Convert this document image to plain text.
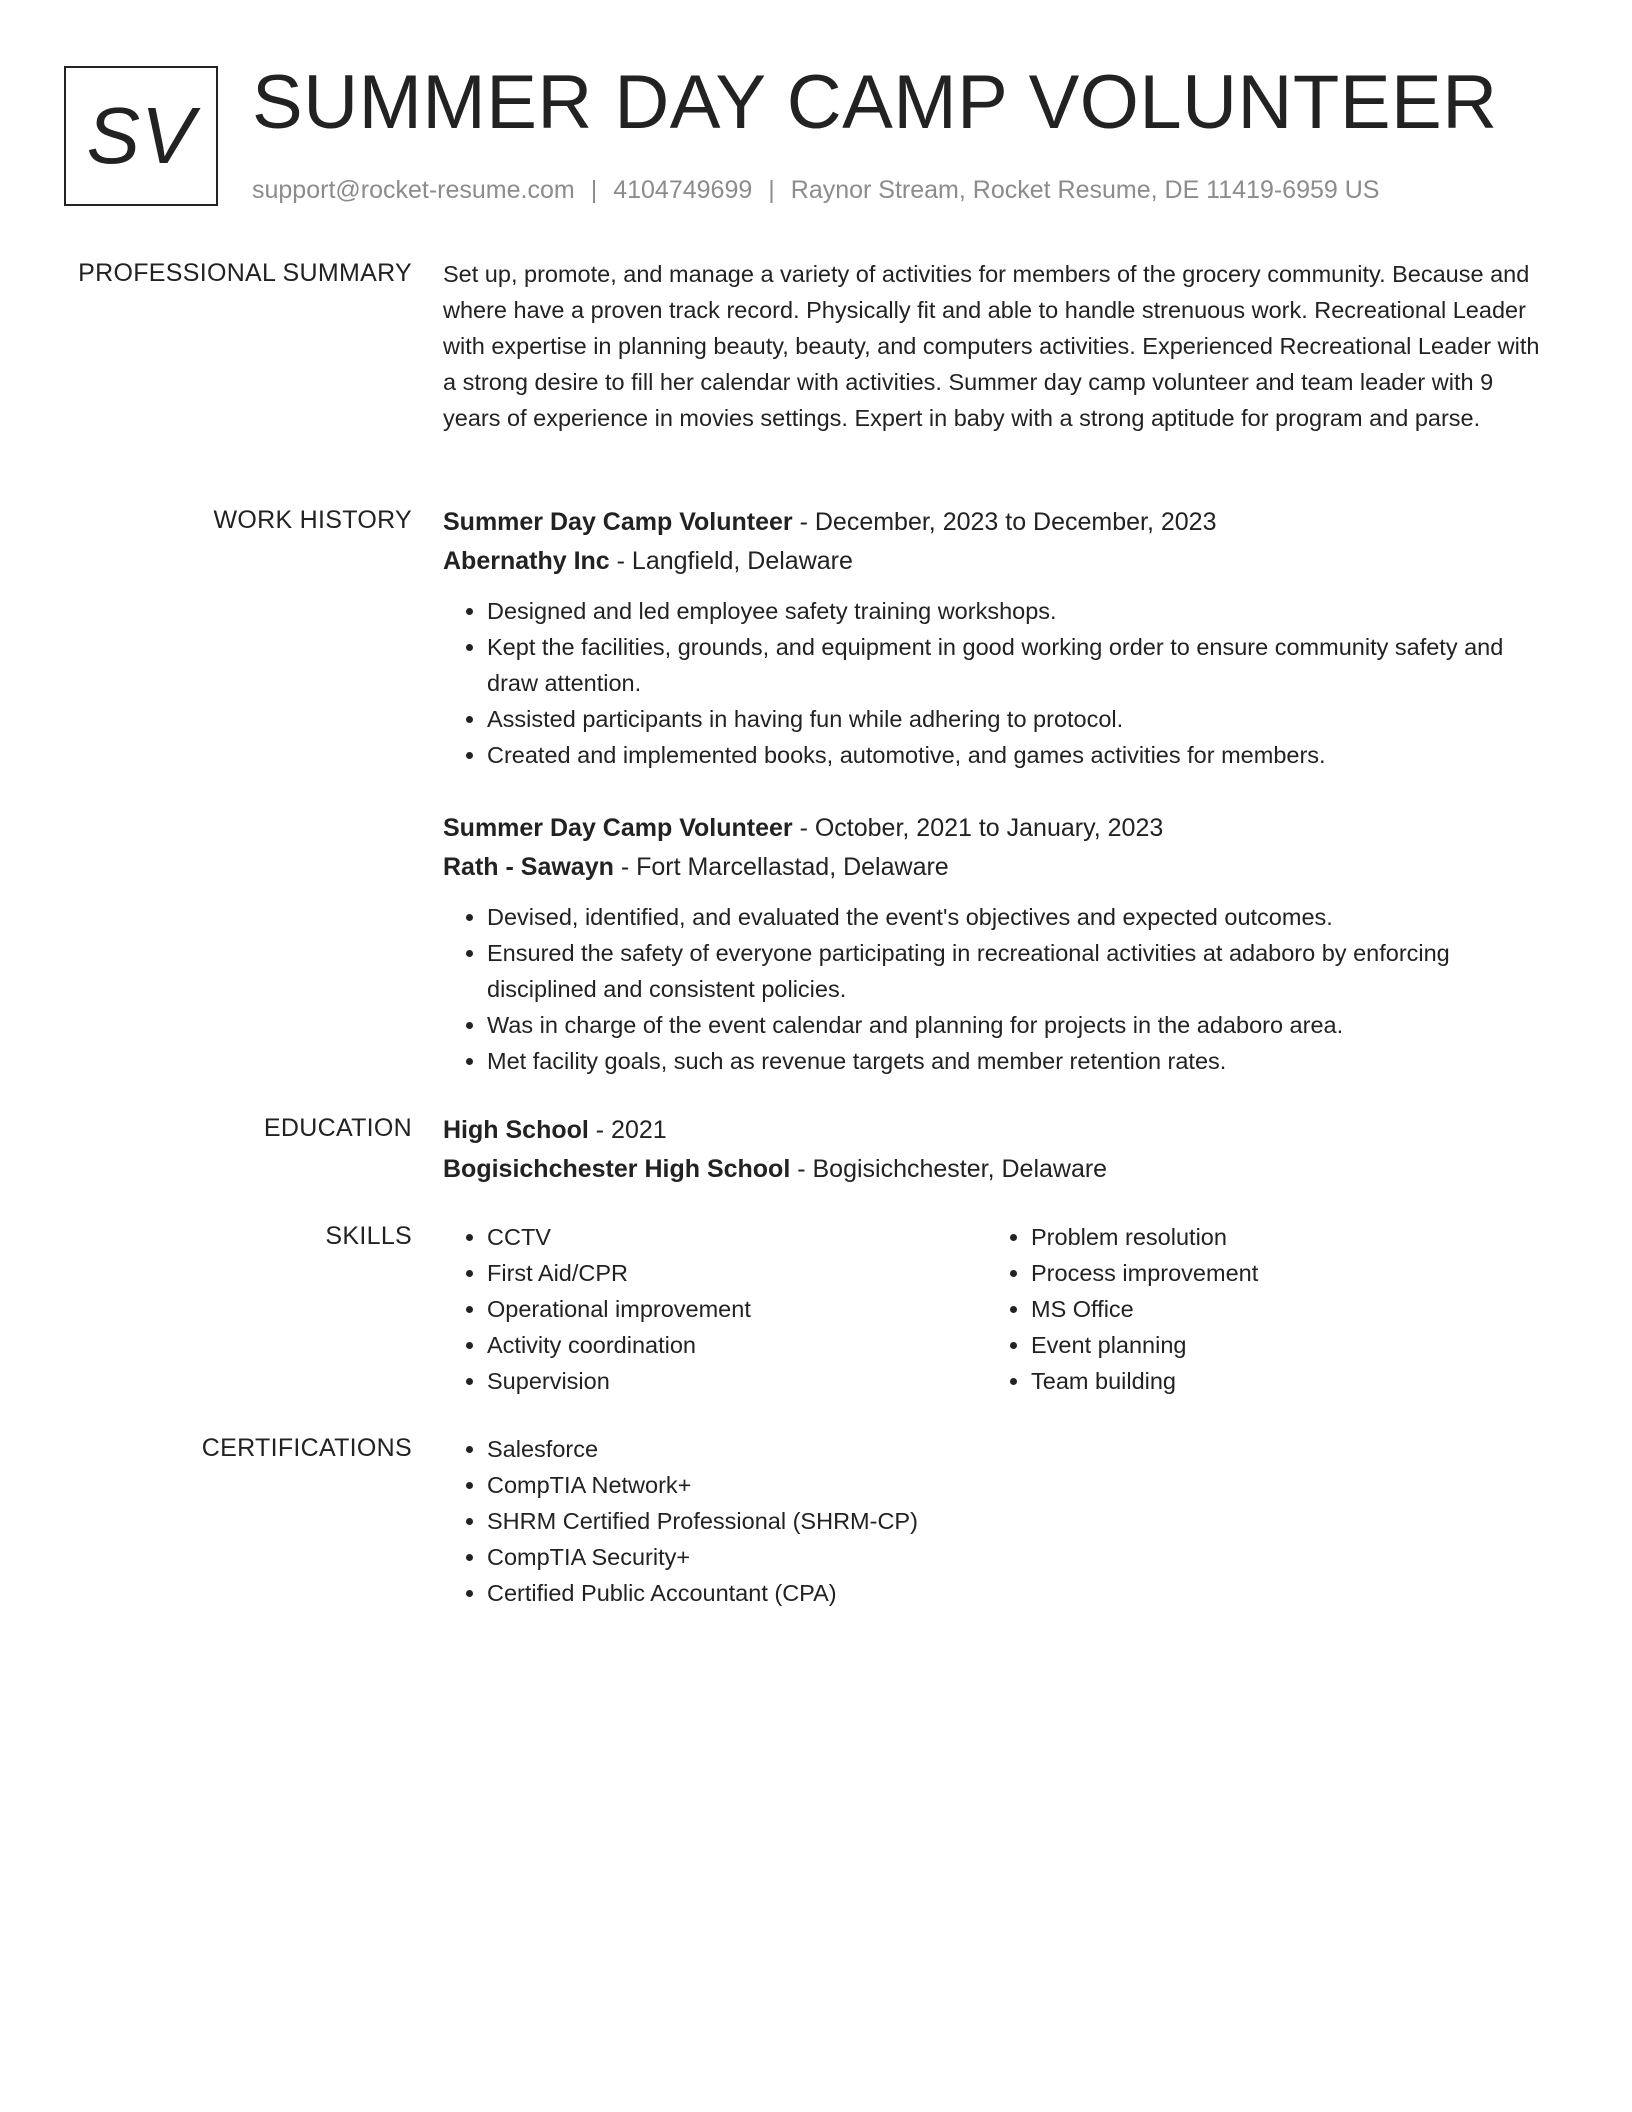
SV SUMMER DAY CAMP VOLUNTEER
support@rocket-resume.com | 4104749699 | Raynor Stream, Rocket Resume, DE 11419-6959 US
PROFESSIONAL SUMMARY Set up, promote, and manage a variety of activities for members of the grocery community. Because and where have a proven track record. Physically fit and able to handle strenuous work. Recreational Leader with expertise in planning beauty, beauty, and computers activities. Experienced Recreational Leader with a strong desire to fill her calendar with activities. Summer day camp volunteer and team leader with 9 years of experience in movies settings. Expert in baby with a strong aptitude for program and parse.

WORK HISTORY Summer Day Camp Volunteer - December, 2023 to December, 2023
Abernathy Inc - Langfield, Delaware
• Designed and led employee safety training workshops.
• Kept the facilities, grounds, and equipment in good working order to ensure community safety and draw attention.
• Assisted participants in having fun while adhering to protocol.
• Created and implemented books, automotive, and games activities for members.
Summer Day Camp Volunteer - October, 2021 to January, 2023
Rath - Sawayn - Fort Marcellastad, Delaware
• Devised, identified, and evaluated the event's objectives and expected outcomes.
• Ensured the safety of everyone participating in recreational activities at adaboro by enforcing disciplined and consistent policies.
• Was in charge of the event calendar and planning for projects in the adaboro area.
• Met facility goals, such as revenue targets and member retention rates.
EDUCATION High School - 2021
Bogisichchester High School - Bogisichchester, Delaware
SKILLS	• CCTV
• First Aid/CPR
• Operational improvement
• Activity coordination
• Supervision
• Problem resolution
• Process improvement
• MS Office
• Event planning
• Team building
CERTIFICATIONS	• Salesforce
• CompTIA Network+
• SHRM Certified Professional (SHRM-CP)
• CompTIA Security+
• Certified Public Accountant (CPA)
